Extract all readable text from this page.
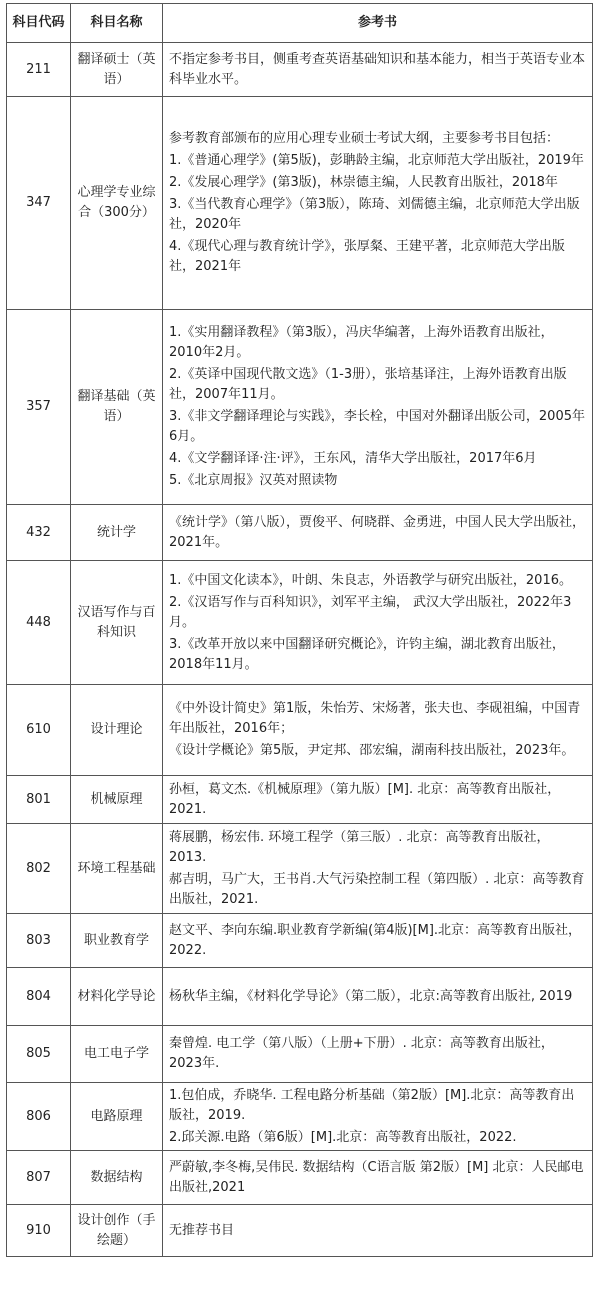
科目代码	科目名称	参考书
211	翻译硕士（英语）	不指定参考书目，侧重考查英语基础知识和基本能力，相当于英语专业本科毕业水平。

347	心理学专业综合（300分）	参考教育部颁布的应用心理专业硕士考试大纲，主要参考书目包括：

1.《普通心理学》(第5版)，彭聃龄主编，北京师范大学出版社，2019年

2.《发展心理学》(第3版)，林崇德主编，人民教育出版社，2018年

3.《当代教育心理学》（第3版），陈琦、刘儒德主编，北京师范大学出版社，2020年

4.《现代心理与教育统计学》，张厚粲、王建平著，北京师范大学出版社，2021年

357	翻译基础（英语）	1.《实用翻译教程》（第3版），冯庆华编著，上海外语教育出版社，2010年2月。

2.《英译中国现代散文选》（1-3册），张培基译注，上海外语教育出版社，2007年11月。

3.《非文学翻译理论与实践》，李长栓，中国对外翻译出版公司，2005年6月。

4.《文学翻译译·注·评》，王东风，清华大学出版社，2017年6月

5.《北京周报》汉英对照读物

432	统计学	《统计学》（第八版），贾俊平、何晓群、金勇进，中国人民大学出版社，2021年。

448	汉语写作与百科知识	1.《中国文化读本》，叶朗、朱良志，外语教学与研究出版社，2016。

2.《汉语写作与百科知识》，刘军平主编， 武汉大学出版社，2022年3月。

3.《改革开放以来中国翻译研究概论》，许钧主编，湖北教育出版社，2018年11月。

610	设计理论	《中外设计简史》第1版，朱怡芳、宋炀著，张夫也、李砚祖编，中国青年出版社，2016年；

《设计学概论》第5版，尹定邦、邵宏编，湖南科技出版社，2023年。

801	机械原理	孙桓，葛文杰.《机械原理》（第九版）[M]. 北京：高等教育出版社，2021.

802	环境工程基础	蒋展鹏，杨宏伟. 环境工程学（第三版）. 北京：高等教育出版社，2013.

郝吉明，马广大，王书肖.大气污染控制工程（第四版）. 北京：高等教育出版社，2021.

803	职业教育学	赵文平、李向东编.职业教育学新编(第4版)[M].北京：高等教育出版社，2022.

804	材料化学导论	杨秋华主编，《材料化学导论》（第二版），北京:高等教育出版社, 2019

805	电工电子学	秦曾煌. 电工学（第八版）（上册+下册）. 北京：高等教育出版社，2023年.

806	电路原理	1.包伯成，乔晓华. 工程电路分析基础（第2版）[M].北京：高等教育出版社，2019.

2.邱关源.电路（第6版）[M].北京：高等教育出版社，2022.

807	数据结构	严蔚敏,李冬梅,吴伟民. 数据结构（C语言版 第2版）[M] 北京：人民邮电出版社,2021

910	设计创作（手绘题）	无推荐书目
